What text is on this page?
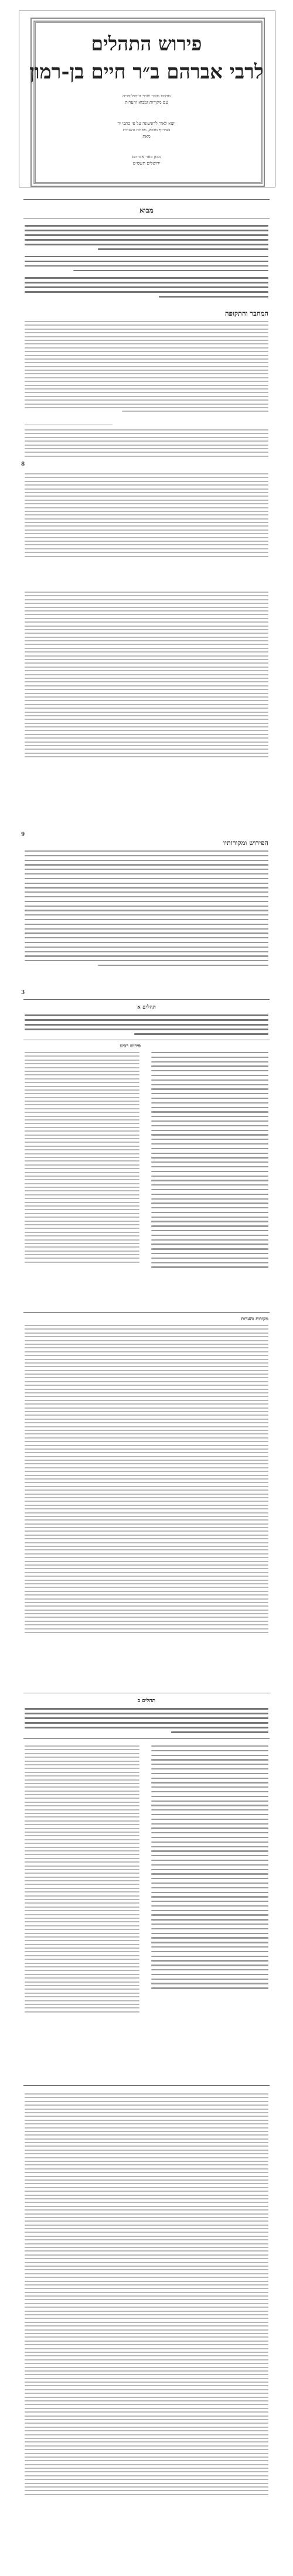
פירוש התהלים
לרבי אברהם ב״ר חיים בן-רמון
מתוכו מוכר שרוי היתולימו״ה
עם מקורות ומבוא והערות
יוצא לאור לראשונה על פי כתבי יד
בצירוף מבוא, מפתח והערות
מאת
מכון באר אברהם
ירושלים תשס״ט
מבוא
המחבר והתקופה
8
9
הפירוש ומקורותיו
3
תהלים א
פירוש רבינו
מקורות והערות
תהלים ב
